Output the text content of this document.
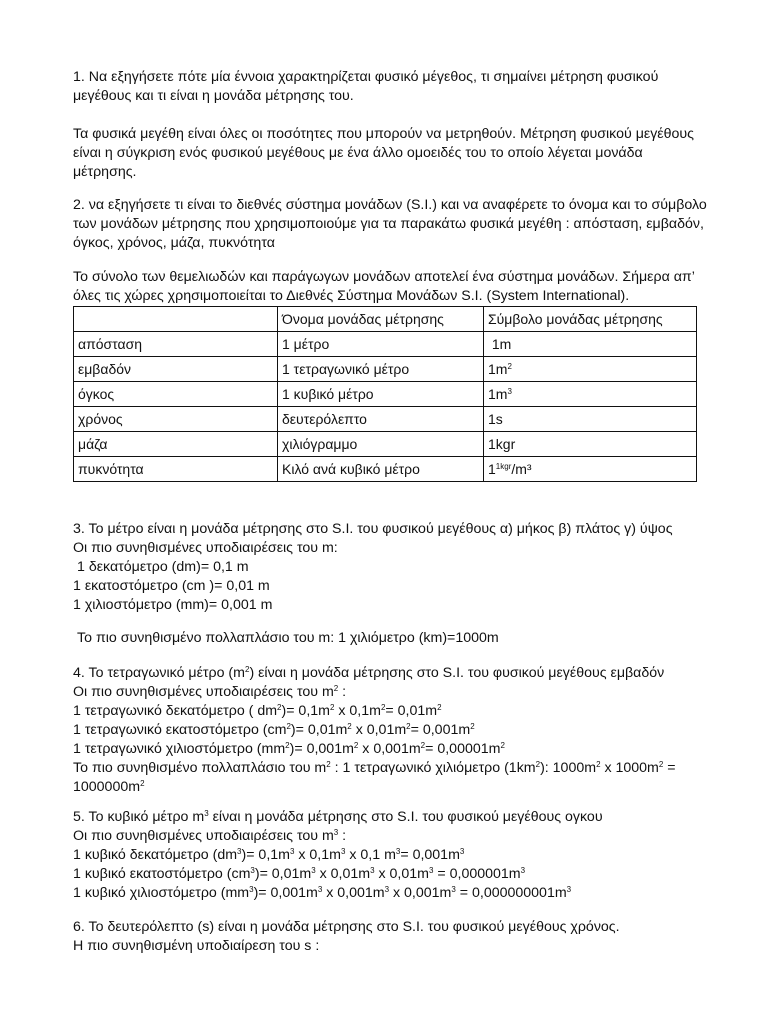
1. Να εξηγήσετε πότε μία έννοια χαρακτηρίζεται φυσικό μέγεθος, τι σημαίνει μέτρηση φυσικού

μεγέθους και τι είναι η μονάδα μέτρησης του.

Τα φυσικά μεγέθη είναι όλες οι ποσότητες που μπορούν να μετρηθούν. Μέτρηση φυσικού μεγέθους

είναι η σύγκριση ενός φυσικού μεγέθους με ένα άλλο ομοειδές του το οποίο λέγεται μονάδα

μέτρησης.

2. να εξηγήσετε τι είναι το διεθνές σύστημα μονάδων (S.I.) και να αναφέρετε το όνομα και το σύμβολο

των μονάδων μέτρησης που χρησιμοποιούμε για τα παρακάτω φυσικά μεγέθη : απόσταση, εμβαδόν,

όγκος, χρόνος, μάζα, πυκνότητα

Το σύνολο των θεμελιωδών και παράγωγων μονάδων αποτελεί ένα σύστημα μονάδων. Σήμερα απ’

όλες τις χώρες χρησιμοποιείται το Διεθνές Σύστημα Μονάδων S.I. (System International).

	Όνομα μονάδας μέτρησης	Σύμβολο μονάδας μέτρησης
απόσταση	1 μέτρο	1m
εμβαδόν	1 τετραγωνικό μέτρο	$1m^2$
όγκος	1 κυβικό μέτρο	$1m^3$
χρόνος	δευτερόλεπτο	1s
μάζα	χιλιόγραμμο	1kgr
πυκνότητα	Κιλό ανά κυβικό μέτρο	$1^{1kgr}/m^3$

3. Το μέτρο είναι η μονάδα μέτρησης στο S.I. του φυσικού μεγέθους α) μήκος β) πλάτος γ) ύψος

Οι πιο συνηθισμένες υποδιαιρέσεις του m:

1 δεκατόμετρο (dm)= 0,1 m

1 εκατοστόμετρο (cm )= 0,01 m

1 χιλιοστόμετρο (mm)= 0,001 m

Το πιο συνηθισμένο πολλαπλάσιο του m: 1 χιλιόμετρο (km)=1000m

4. Το τετραγωνικό μέτρο $(m^2)$ είναι η μονάδα μέτρησης στο S.I. του φυσικού μεγέθους εμβαδόν

Οι πιο συνηθισμένες υποδιαιρέσεις του $m^2$ :

1 τετραγωνικό δεκατόμετρο ( $dm^2)= 0,1m^2$ x $0,1m^2= 0,01m^2$

1 τετραγωνικό εκατοστόμετρο $(cm^2)= 0,01m^2$ x $0,01m^2= 0,001m^2$

1 τετραγωνικό χιλιοστόμετρο $(mm^2)= 0,001m^2$ x $0,001m^2= 0,00001m^2$

Το πιο συνηθισμένο πολλαπλάσιο του $m^2$ : 1 τετραγωνικό χιλιόμετρο $(1km^2)$: $1000m^2$ x $1000m^2$ =

$1000000m^2$

5. Το κυβικό μέτρο $m^3$ είναι η μονάδα μέτρησης στο S.I. του φυσικού μεγέθους ογκου

Οι πιο συνηθισμένες υποδιαιρέσεις του $m^3$ :

1 κυβικό δεκατόμετρο $(dm^3)= 0,1m^3$ x $0,1m^3$ x 0,1 $m^3= 0,001m^3$

1 κυβικό εκατοστόμετρο $(cm^3)= 0,01m^3$ x $0,01m^3$ x $0,01m^3 = 0,000001m^3$

1 κυβικό χιλιοστόμετρο $(mm^3)= 0,001m^3$ x $0,001m^3$ x $0,001m^3 = 0,000000001m^3$

6. Το δευτερόλεπτο (s) είναι η μονάδα μέτρησης στο S.I. του φυσικού μεγέθους χρόνος.

Η πιο συνηθισμένη υποδιαίρεση του s :
